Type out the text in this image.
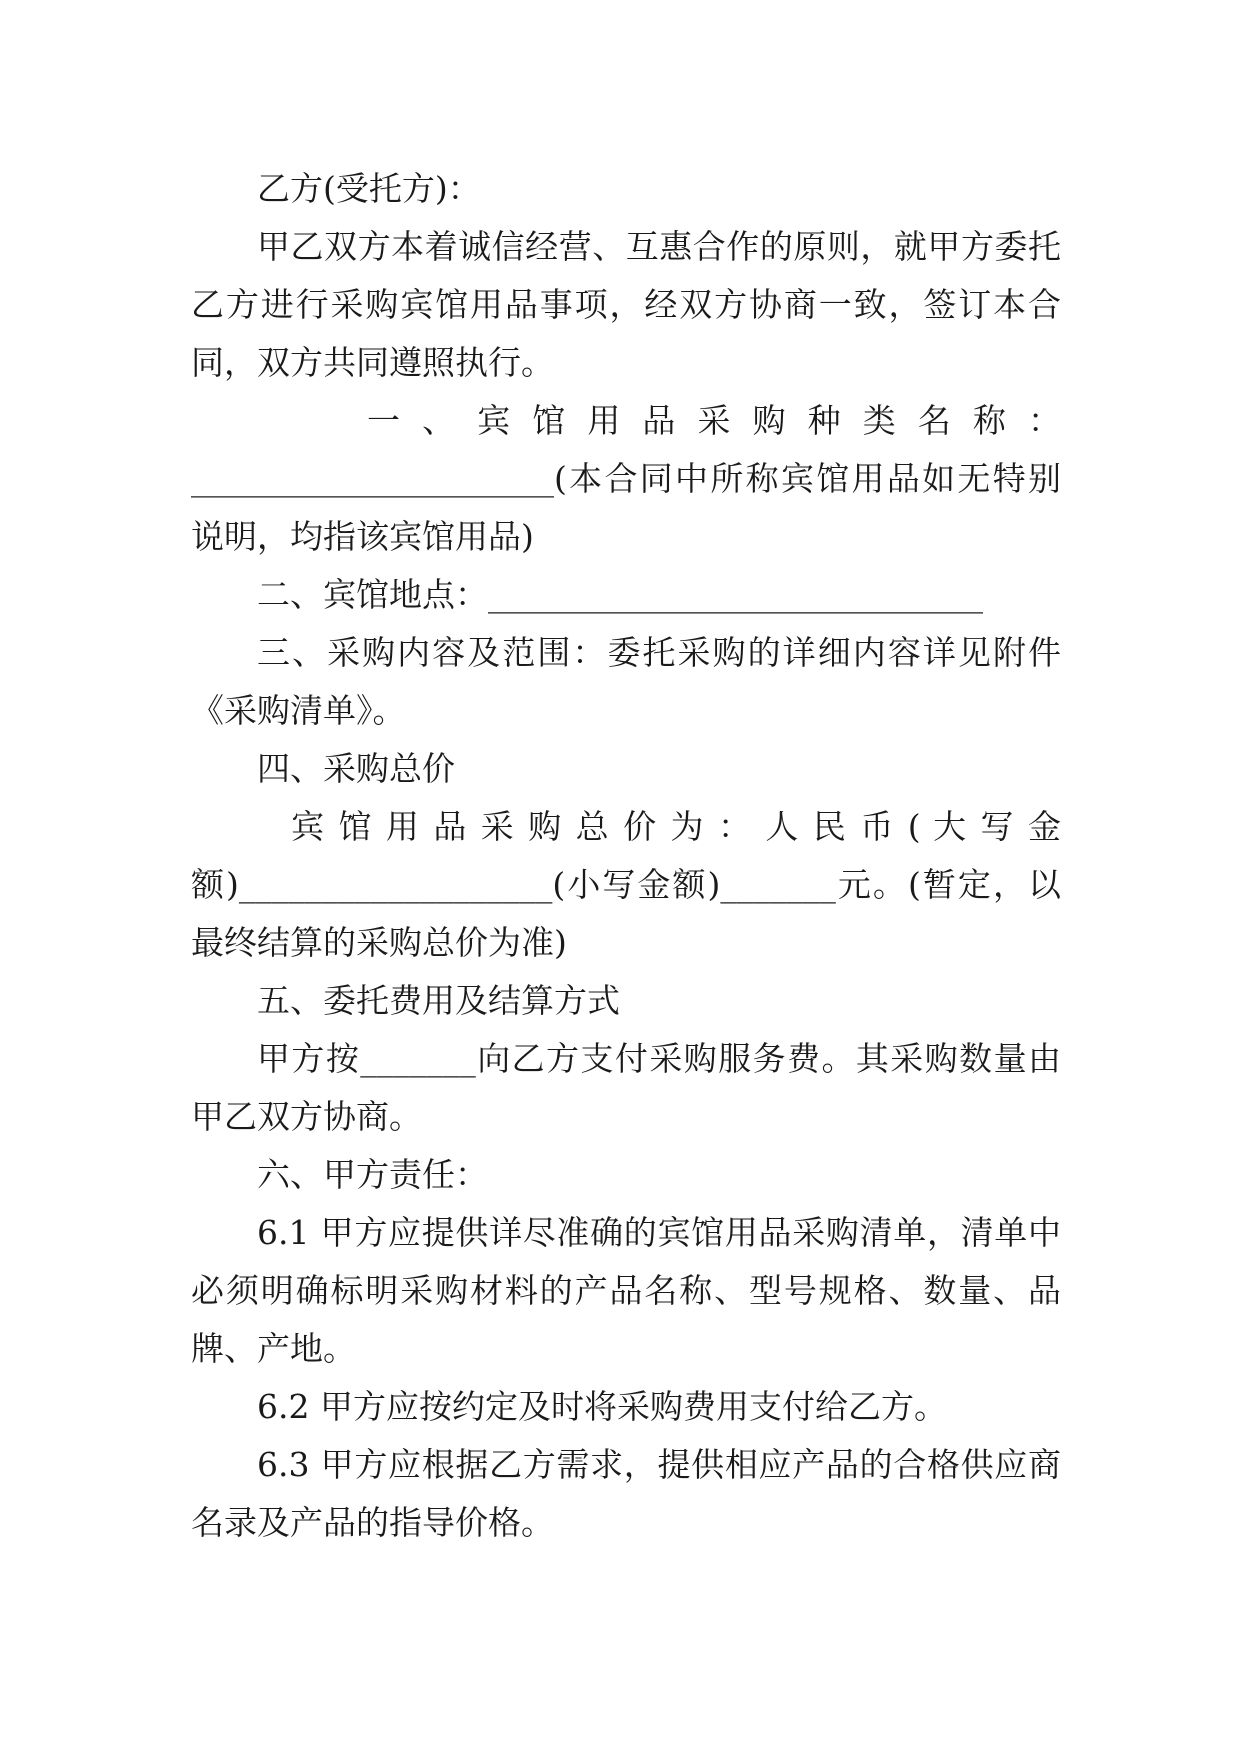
乙方(受托方)：

甲乙双方本着诚信经营、互惠合作的原则，就甲方委托乙方进行采购宾馆用品事项，经双方协商一致，签订本合同，双方共同遵照执行。

一 、 宾 馆 用 品 采 购 种 类 名 称 ：

______________________(本合同中所称宾馆用品如无特别说明，均指该宾馆用品)

二、宾馆地点：______________________________

三、采购内容及范围：委托采购的详细内容详见附件《采购清单》。

四、采购总价

宾 馆 用 品 采 购 总 价 为 ： 人 民 币 ( 大 写 金

额)___________________(小写金额)_______元。(暂定，以最终结算的采购总价为准)

五、委托费用及结算方式

甲方按_______向乙方支付采购服务费。其采购数量由甲乙双方协商。

六、甲方责任：

6.1 甲方应提供详尽准确的宾馆用品采购清单，清单中必须明确标明采购材料的产品名称、型号规格、数量、品牌、产地。

6.2 甲方应按约定及时将采购费用支付给乙方。

6.3 甲方应根据乙方需求，提供相应产品的合格供应商名录及产品的指导价格。
